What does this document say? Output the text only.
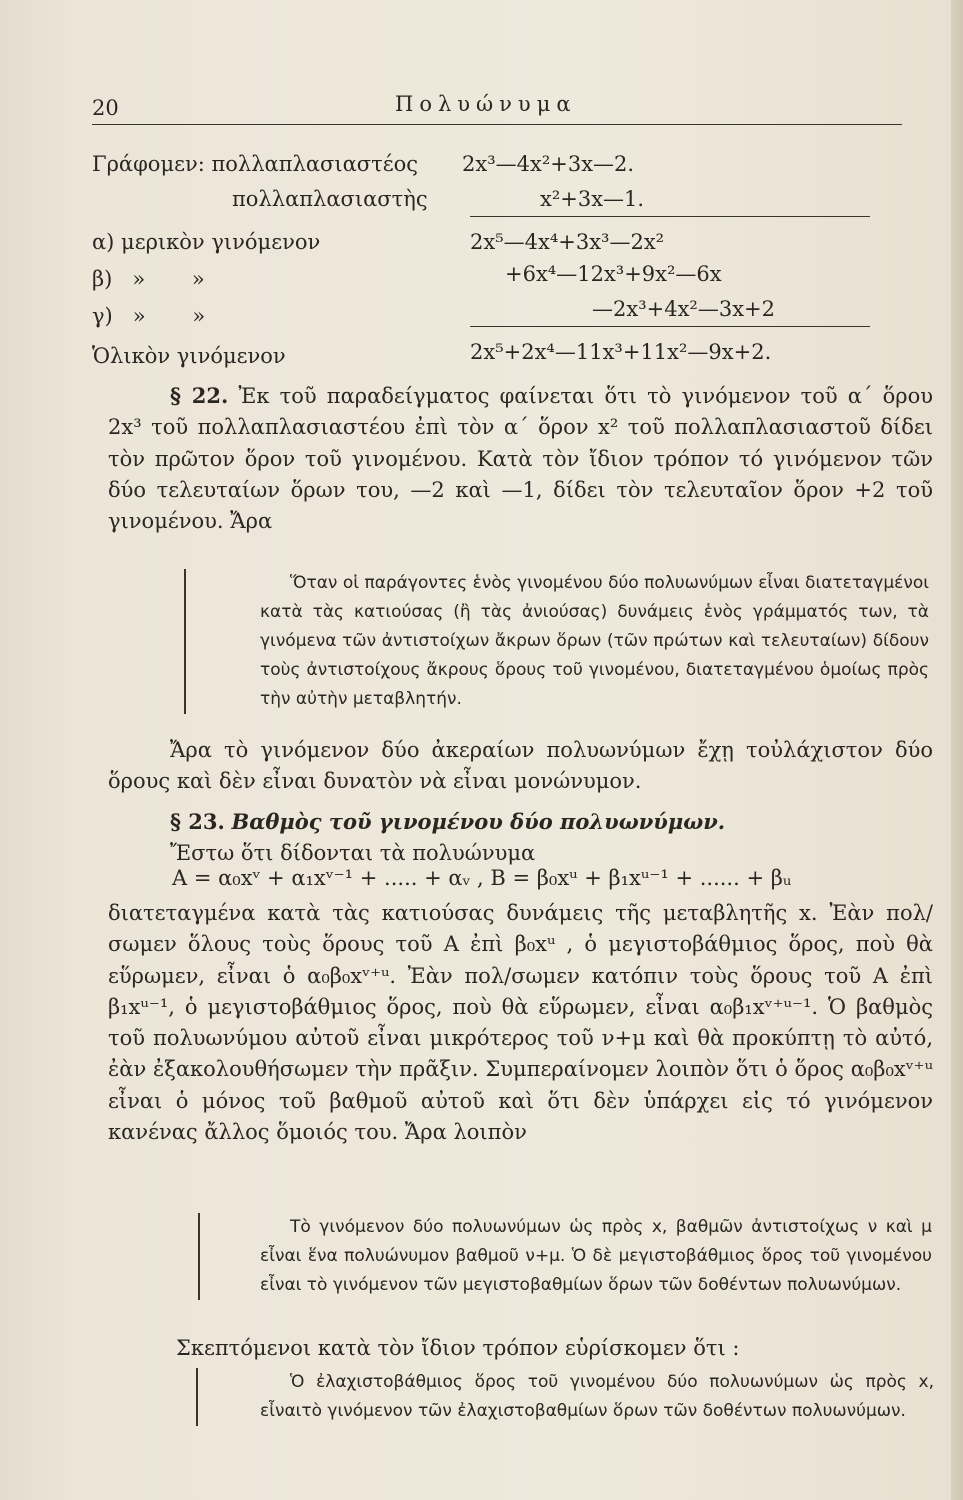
20	Πολυώνυμα
Γράφομεν: πολλαπλασιαστέος 2x³—4x²+3x—2.
πολλαπλασιαστὴς	x²+3x—1.
α) μερικὸν γινόμενον	2x⁵—4x⁴+3x³—2x²
β)   »       »	+6x⁴—12x³+9x²—6x
γ)   »       »	—2x³+4x²—3x+2
Ὁλικὸν γινόμενον	2x⁵+2x⁴—11x³+11x²—9x+2.

§ 22. Ἐκ τοῦ παραδείγματος φαίνεται ὅτι τὸ γινόμενον τοῦ α΄ ὅρου 2x³ τοῦ πολλαπλασιαστέου ἐπὶ τὸν α΄ ὅρον x² τοῦ πολλαπλασιαστοῦ δίδει τὸν πρῶτον ὅρον τοῦ γινομένου. Κατὰ τὸν ἴδιον τρόπον τό γινόμενον τῶν δύο τελευταίων ὅρων του, —2 καὶ —1, δίδει τὸν τελευταῖον ὅρον +2 τοῦ γινομένου. Ἄρα

Ὅταν οἱ παράγοντες ἑνὸς γινομένου δύο πολυωνύμων εἶναι διατεταγμένοι κατὰ τὰς κατιούσας (ἢ τὰς ἀνιούσας) δυνάμεις ἑνὸς γράμματός των, τὰ γινόμενα τῶν ἀντιστοίχων ἄκρων ὅρων (τῶν πρώτων καὶ τελευταίων) δίδουν τοὺς ἀντιστοίχους ἄκρους ὅρους τοῦ γινομένου, διατεταγμένου ὁμοίως πρὸς τὴν αὐτὴν μεταβλητήν.

Ἄρα τὸ γινόμενον δύο ἀκεραίων πολυωνύμων ἔχῃ τοὐλάχιστον δύο ὅρους καὶ δὲν εἶναι δυνατὸν νὰ εἶναι μονώνυμον.

§ 23. Βαθμὸς τοῦ γινομένου δύο πολυωνύμων.

Ἔστω ὅτι δίδονται τὰ πολυώνυμα

A = α₀xᵛ + α₁xᵛ⁻¹ + ..... + αᵥ , B = β₀xᵘ + β₁xᵘ⁻¹ + ...... + βᵤ

διατεταγμένα κατὰ τὰς κατιούσας δυνάμεις τῆς μεταβλητῆς x. Ἐὰν πολ/σωμεν ὅλους τοὺς ὅρους τοῦ A ἐπὶ β₀xᵘ , ὁ μεγιστοβάθμιος ὅρος, ποὺ θὰ εὕρωμεν, εἶναι ὁ α₀β₀xᵛ⁺ᵘ. Ἐὰν πολ/σωμεν κατόπιν τοὺς ὅρους τοῦ A ἐπὶ β₁xᵘ⁻¹, ὁ μεγιστοβάθμιος ὅρος, ποὺ θὰ εὕρωμεν, εἶναι α₀β₁xᵛ⁺ᵘ⁻¹. Ὁ βαθμὸς τοῦ πολυωνύμου αὐτοῦ εἶναι μικρότερος τοῦ ν+μ καὶ θὰ προκύπτῃ τὸ αὐτό, ἐὰν ἐξακολουθήσωμεν τὴν πρᾶξιν. Συμπεραίνομεν λοιπὸν ὅτι ὁ ὅρος α₀β₀xᵛ⁺ᵘ εἶναι ὁ μόνος τοῦ βαθμοῦ αὐτοῦ καὶ ὅτι δὲν ὑπάρχει εἰς τό γινόμενον κανένας ἄλλος ὅμοιός του. Ἄρα λοιπὸν

Τὸ γινόμενον δύο πολυωνύμων ὡς πρὸς x, βαθμῶν ἀντιστοίχως ν καὶ μ εἶναι ἕνα πολυώνυμον βαθμοῦ ν+μ. Ὁ δὲ μεγιστοβάθμιος ὅρος τοῦ γινομένου εἶναι τὸ γινόμενον τῶν μεγιστοβαθμίων ὅρων τῶν δοθέντων πολυωνύμων.

Σκεπτόμενοι κατὰ τὸν ἴδιον τρόπον εὑρίσκομεν ὅτι :

Ὁ ἐλαχιστοβάθμιος ὅρος τοῦ γινομένου δύο πολυωνύμων ὡς πρὸς x, εἶναιτὸ γινόμενον τῶν ἐλαχιστοβαθμίων ὅρων τῶν δοθέντων πολυωνύμων.
